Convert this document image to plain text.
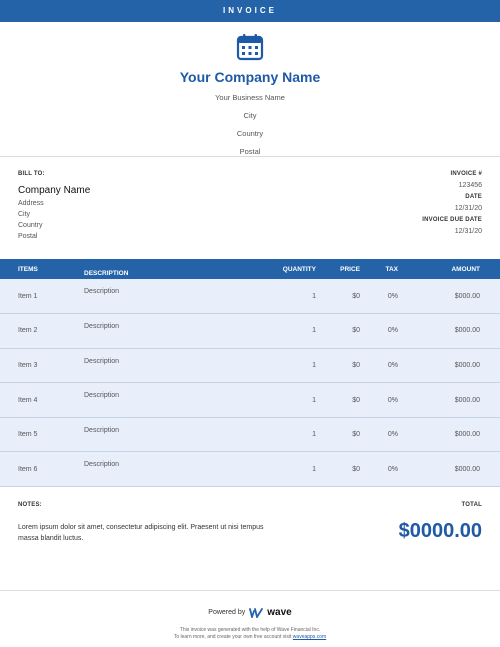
INVOICE
Your Company Name
Your Business Name
City
Country
Postal
BILL TO:
Company Name
Address
City
Country
Postal
INVOICE #
123456
DATE
12/31/20
INVOICE DUE DATE
12/31/20
ITEMS	DESCRIPTION	QUANTITY	PRICE	TAX	AMOUNT
Item 1	Description	1	$0	0%	$000.00
Item 2	Description	1	$0	0%	$000.00
Item 3	Description	1	$0	0%	$000.00
Item 4	Description	1	$0	0%	$000.00
Item 5	Description	1	$0	0%	$000.00
Item 6	Description	1	$0	0%	$000.00
NOTES:
Lorem ipsum dolor sit amet, consectetur adipiscing elit. Praesent ut nisi tempus massa blandit luctus.
TOTAL
$0000.00
Powered by wave
This invoice was generated with the help of Wave Financial Inc.
To learn more, and create your own free account visit waveapps.com
